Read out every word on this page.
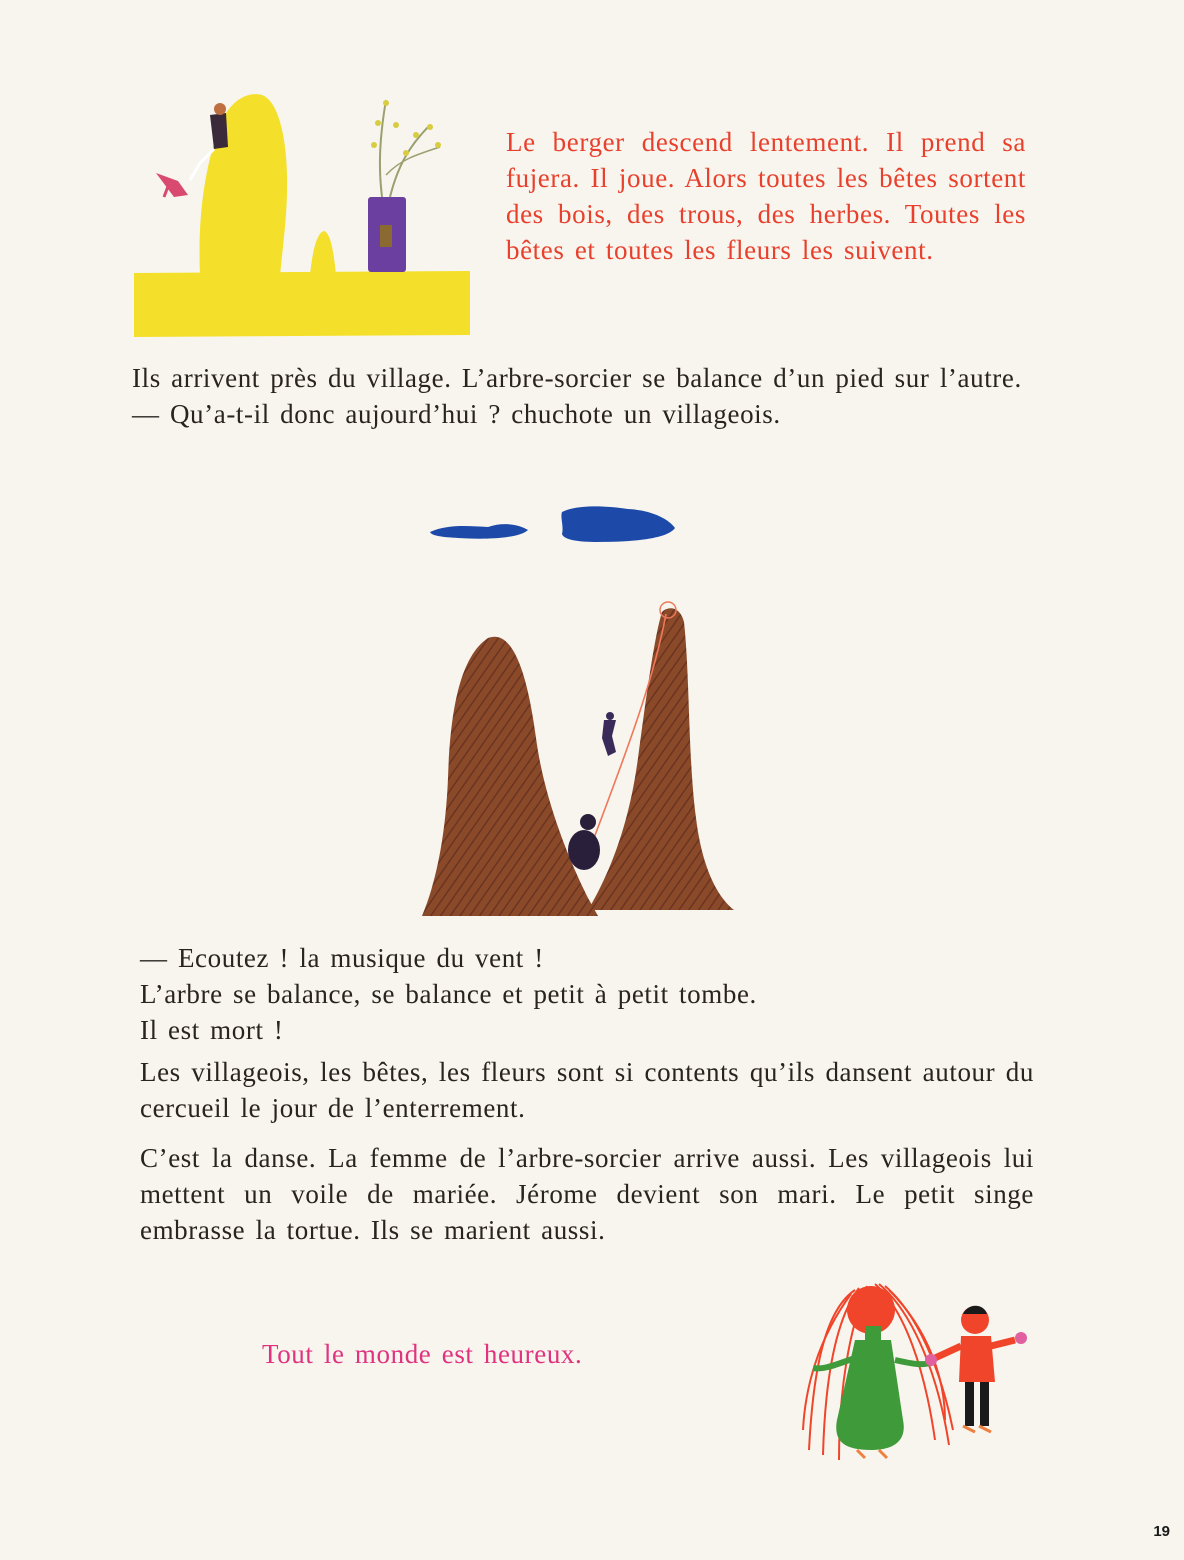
Le berger descend lentement. Il prend sa fujera. Il joue. Alors toutes les bêtes sortent des bois, des trous, des herbes. Toutes les bêtes et toutes les fleurs les suivent.

Ils arrivent près du village. L’arbre-sorcier se balance d’un pied sur l’autre.

— Qu’a-t-il donc aujourd’hui ? chuchote un villageois.

— Ecoutez ! la musique du vent !

L’arbre se balance, se balance et petit à petit tombe.

Il est mort !

Les villageois, les bêtes, les fleurs sont si contents qu’ils dansent autour du cercueil le jour de l’enterrement.

C’est la danse. La femme de l’arbre-sorcier arrive aussi. Les villageois lui mettent un voile de mariée. Jérome devient son mari. Le petit singe embrasse la tortue. Ils se marient aussi.

Tout le monde est heureux.

19
